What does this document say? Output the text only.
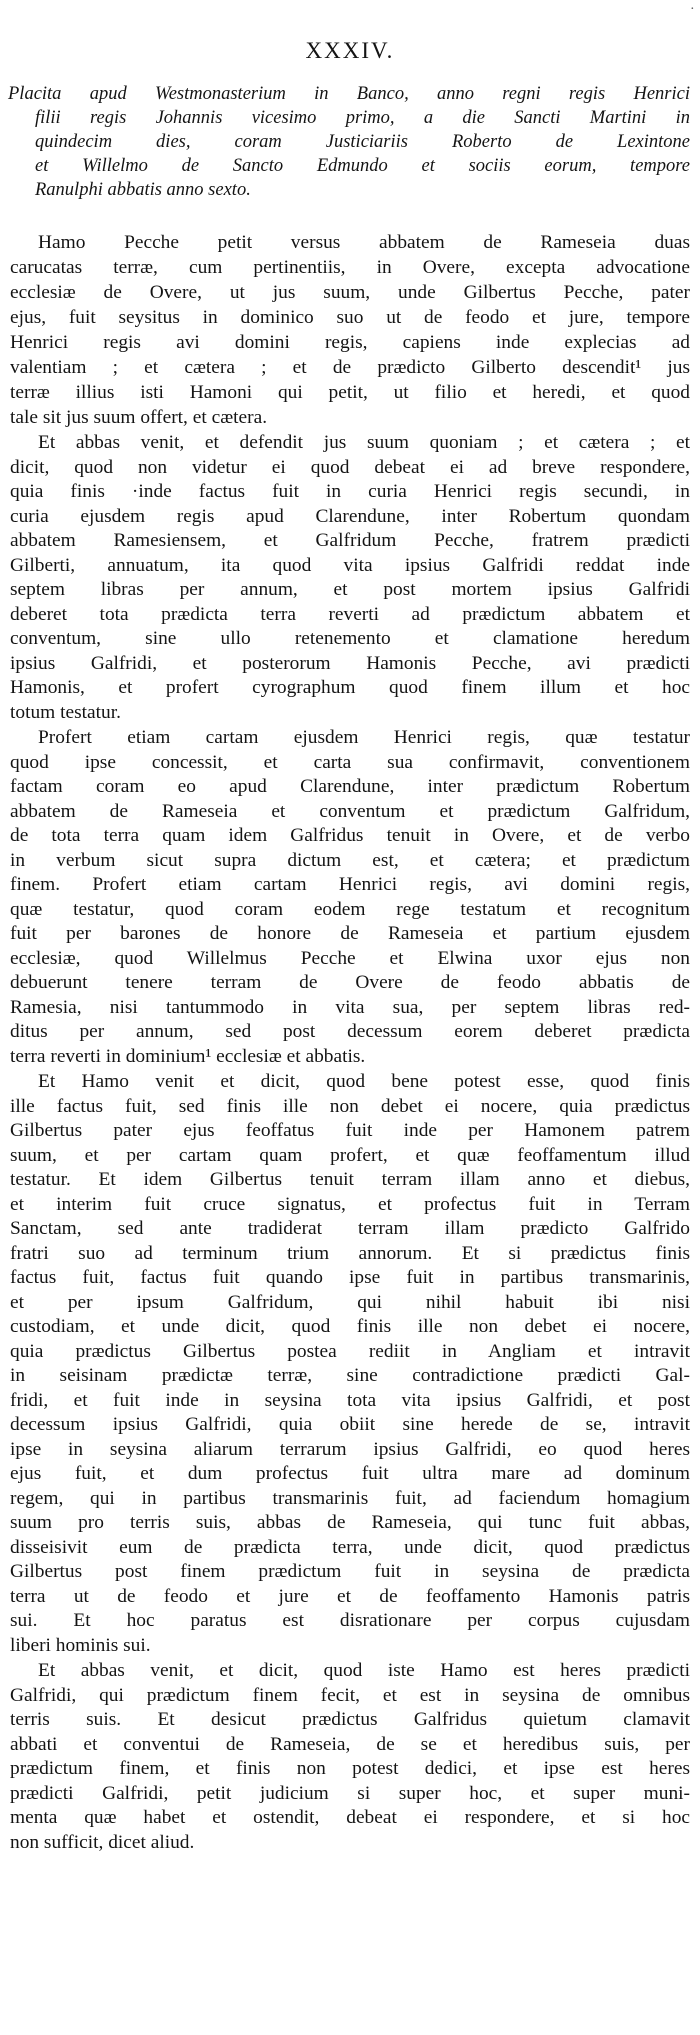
·
XXXIV.
Placita apud Westmonasterium in Banco, anno regni regis Henrici
filii regis Johannis vicesimo primo, a die Sancti Martini in
quindecim dies, coram Justiciariis Roberto de Lexintone
et Willelmo de Sancto Edmundo et sociis eorum, tempore
Ranulphi abbatis anno sexto.
Hamo Pecche petit versus abbatem de Rameseia duas
carucatas terræ, cum pertinentiis, in Overe, excepta advocatione
ecclesiæ de Overe, ut jus suum, unde Gilbertus Pecche, pater
ejus, fuit seysitus in dominico suo ut de feodo et jure, tempore
Henrici regis avi domini regis, capiens inde explecias ad
valentiam ; et cætera ; et de prædicto Gilberto descendit¹ jus
terræ illius isti Hamoni qui petit, ut filio et heredi, et quod
tale sit jus suum offert, et cætera.
Et abbas venit, et defendit jus suum quoniam ; et cætera ; et
dicit, quod non videtur ei quod debeat ei ad breve respondere,
quia finis ·inde factus fuit in curia Henrici regis secundi, in
curia ejusdem regis apud Clarendune, inter Robertum quondam
abbatem Ramesiensem, et Galfridum Pecche, fratrem prædicti
Gilberti, annuatum, ita quod vita ipsius Galfridi reddat inde
septem libras per annum, et post mortem ipsius Galfridi
deberet tota prædicta terra reverti ad prædictum abbatem et
conventum, sine ullo retenemento et clamatione heredum
ipsius Galfridi, et posterorum Hamonis Pecche, avi prædicti
Hamonis, et profert cyrographum quod finem illum et hoc
totum testatur.
Profert etiam cartam ejusdem Henrici regis, quæ testatur
quod ipse concessit, et carta sua confirmavit, conventionem
factam coram eo apud Clarendune, inter prædictum Robertum
abbatem de Rameseia et conventum et prædictum Galfridum,
de tota terra quam idem Galfridus tenuit in Overe, et de verbo
in verbum sicut supra dictum est, et cætera; et prædictum
finem. Profert etiam cartam Henrici regis, avi domini regis,
quæ testatur, quod coram eodem rege testatum et recognitum
fuit per barones de honore de Rameseia et partium ejusdem
ecclesiæ, quod Willelmus Pecche et Elwina uxor ejus non
debuerunt tenere terram de Overe de feodo abbatis de
Ramesia, nisi tantummodo in vita sua, per septem libras red-
ditus per annum, sed post decessum eorem deberet prædicta
terra reverti in dominium¹ ecclesiæ et abbatis.
Et Hamo venit et dicit, quod bene potest esse, quod finis
ille factus fuit, sed finis ille non debet ei nocere, quia prædictus
Gilbertus pater ejus feoffatus fuit inde per Hamonem patrem
suum, et per cartam quam profert, et quæ feoffamentum illud
testatur. Et idem Gilbertus tenuit terram illam anno et diebus,
et interim fuit cruce signatus, et profectus fuit in Terram
Sanctam, sed ante tradiderat terram illam prædicto Galfrido
fratri suo ad terminum trium annorum. Et si prædictus finis
factus fuit, factus fuit quando ipse fuit in partibus transmarinis,
et per ipsum Galfridum, qui nihil habuit ibi nisi
custodiam, et unde dicit, quod finis ille non debet ei nocere,
quia prædictus Gilbertus postea rediit in Angliam et intravit
in seisinam prædictæ terræ, sine contradictione prædicti Gal-
fridi, et fuit inde in seysina tota vita ipsius Galfridi, et post
decessum ipsius Galfridi, quia obiit sine herede de se, intravit
ipse in seysina aliarum terrarum ipsius Galfridi, eo quod heres
ejus fuit, et dum profectus fuit ultra mare ad dominum
regem, qui in partibus transmarinis fuit, ad faciendum homagium
suum pro terris suis, abbas de Rameseia, qui tunc fuit abbas,
disseisivit eum de prædicta terra, unde dicit, quod prædictus
Gilbertus post finem prædictum fuit in seysina de prædicta
terra ut de feodo et jure et de feoffamento Hamonis patris
sui. Et hoc paratus est disrationare per corpus cujusdam
liberi hominis sui.
Et abbas venit, et dicit, quod iste Hamo est heres prædicti
Galfridi, qui prædictum finem fecit, et est in seysina de omnibus
terris suis. Et desicut prædictus Galfridus quietum clamavit
abbati et conventui de Rameseia, de se et heredibus suis, per
prædictum finem, et finis non potest dedici, et ipse est heres
prædicti Galfridi, petit judicium si super hoc, et super muni-
menta quæ habet et ostendit, debeat ei respondere, et si hoc
non sufficit, dicet aliud.
